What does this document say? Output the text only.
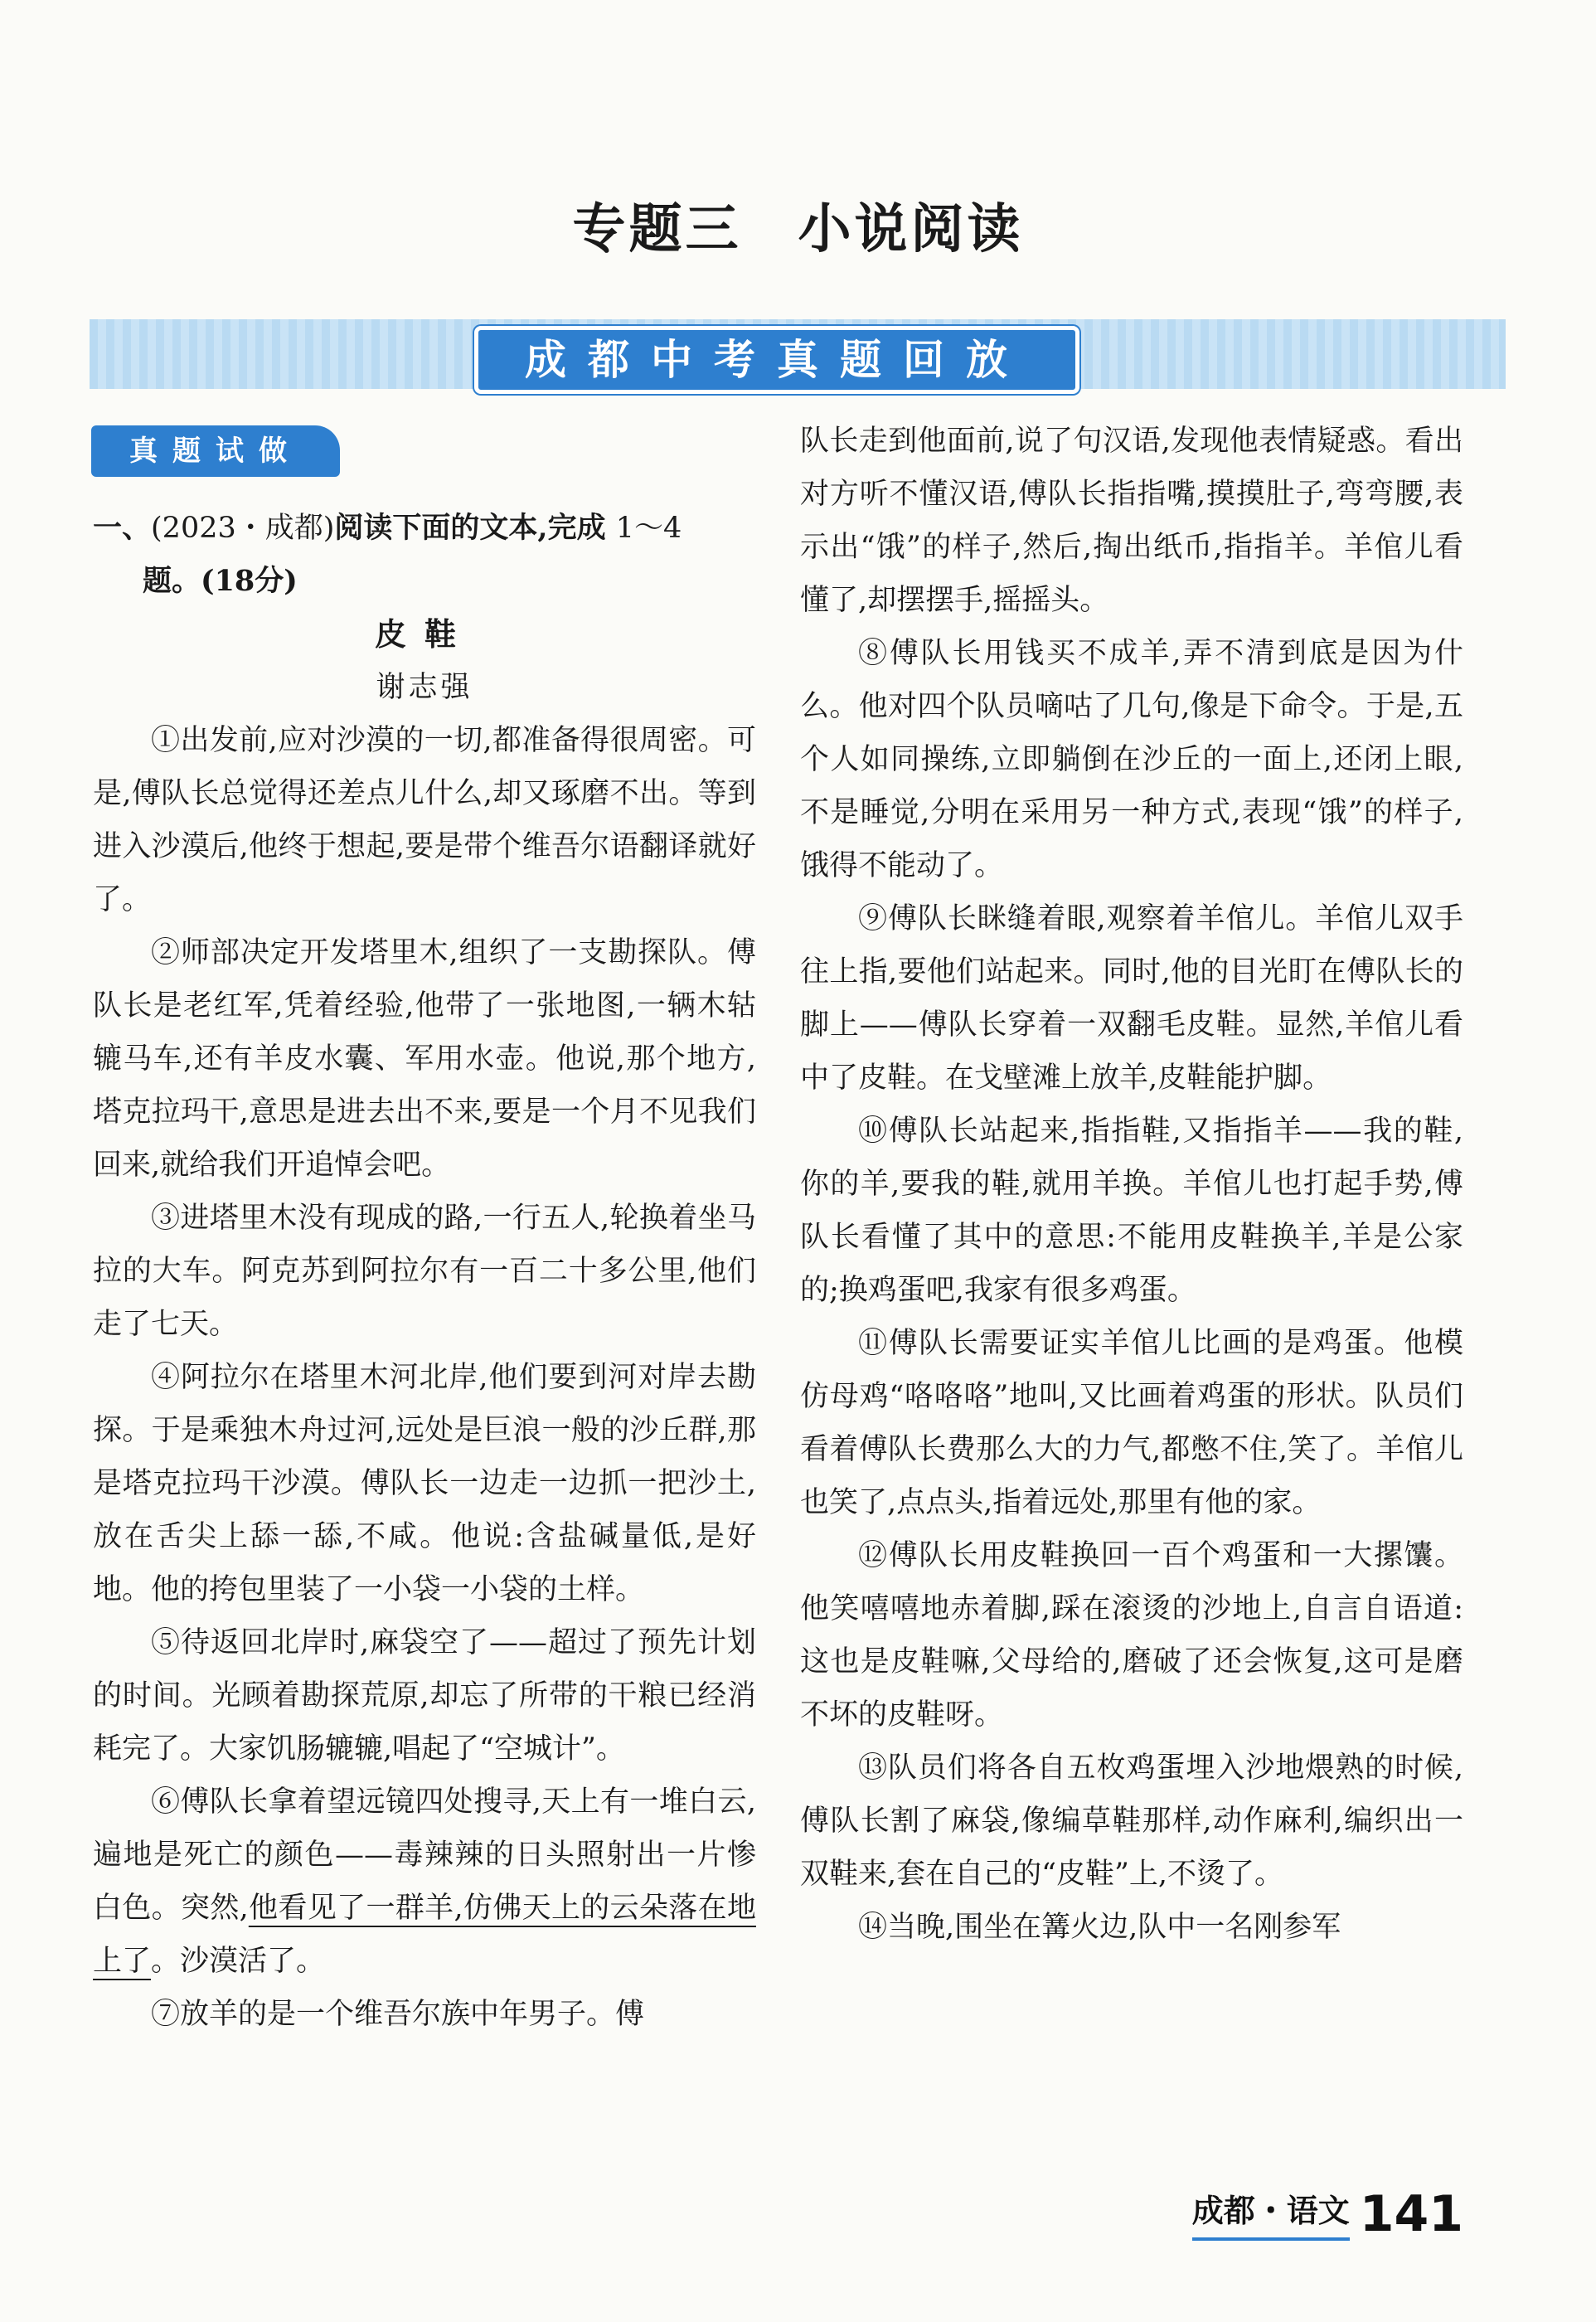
专题三　小说阅读
成都中考真题回放
真题试做

一、(2023・成都)阅读下面的文本,完成 1～4

题。(18分)

皮鞋

谢志强

①出发前,应对沙漠的一切,都准备得很周密。可是,傅队长总觉得还差点儿什么,却又琢磨不出。等到进入沙漠后,他终于想起,要是带个维吾尔语翻译就好了。

②师部决定开发塔里木,组织了一支勘探队。傅队长是老红军,凭着经验,他带了一张地图,一辆木轱辘马车,还有羊皮水囊、军用水壶。他说,那个地方,塔克拉玛干,意思是进去出不来,要是一个月不见我们回来,就给我们开追悼会吧。

③进塔里木没有现成的路,一行五人,轮换着坐马拉的大车。阿克苏到阿拉尔有一百二十多公里,他们走了七天。

④阿拉尔在塔里木河北岸,他们要到河对岸去勘探。于是乘独木舟过河,远处是巨浪一般的沙丘群,那是塔克拉玛干沙漠。傅队长一边走一边抓一把沙土,放在舌尖上舔一舔,不咸。他说:含盐碱量低,是好地。他的挎包里装了一小袋一小袋的土样。

⑤待返回北岸时,麻袋空了——超过了预先计划的时间。光顾着勘探荒原,却忘了所带的干粮已经消耗完了。大家饥肠辘辘,唱起了“空城计”。

⑥傅队长拿着望远镜四处搜寻,天上有一堆白云,遍地是死亡的颜色——毒辣辣的日头照射出一片惨白色。突然,他看见了一群羊,仿佛天上的云朵落在地上了。沙漠活了。

⑦放羊的是一个维吾尔族中年男子。傅

队长走到他面前,说了句汉语,发现他表情疑惑。看出对方听不懂汉语,傅队长指指嘴,摸摸肚子,弯弯腰,表示出“饿”的样子,然后,掏出纸币,指指羊。羊倌儿看懂了,却摆摆手,摇摇头。

⑧傅队长用钱买不成羊,弄不清到底是因为什么。他对四个队员嘀咕了几句,像是下命令。于是,五个人如同操练,立即躺倒在沙丘的一面上,还闭上眼,不是睡觉,分明在采用另一种方式,表现“饿”的样子,饿得不能动了。

⑨傅队长眯缝着眼,观察着羊倌儿。羊倌儿双手往上指,要他们站起来。同时,他的目光盯在傅队长的脚上——傅队长穿着一双翻毛皮鞋。显然,羊倌儿看中了皮鞋。在戈壁滩上放羊,皮鞋能护脚。

⑩傅队长站起来,指指鞋,又指指羊——我的鞋,你的羊,要我的鞋,就用羊换。羊倌儿也打起手势,傅队长看懂了其中的意思:不能用皮鞋换羊,羊是公家的;换鸡蛋吧,我家有很多鸡蛋。

⑪傅队长需要证实羊倌儿比画的是鸡蛋。他模仿母鸡“咯咯咯”地叫,又比画着鸡蛋的形状。队员们看着傅队长费那么大的力气,都憋不住,笑了。羊倌儿也笑了,点点头,指着远处,那里有他的家。

⑫傅队长用皮鞋换回一百个鸡蛋和一大摞馕。他笑嘻嘻地赤着脚,踩在滚烫的沙地上,自言自语道:这也是皮鞋嘛,父母给的,磨破了还会恢复,这可是磨不坏的皮鞋呀。

⑬队员们将各自五枚鸡蛋埋入沙地煨熟的时候,傅队长割了麻袋,像编草鞋那样,动作麻利,编织出一双鞋来,套在自己的“皮鞋”上,不烫了。

⑭当晚,围坐在篝火边,队中一名刚参军

成都・语文 141
